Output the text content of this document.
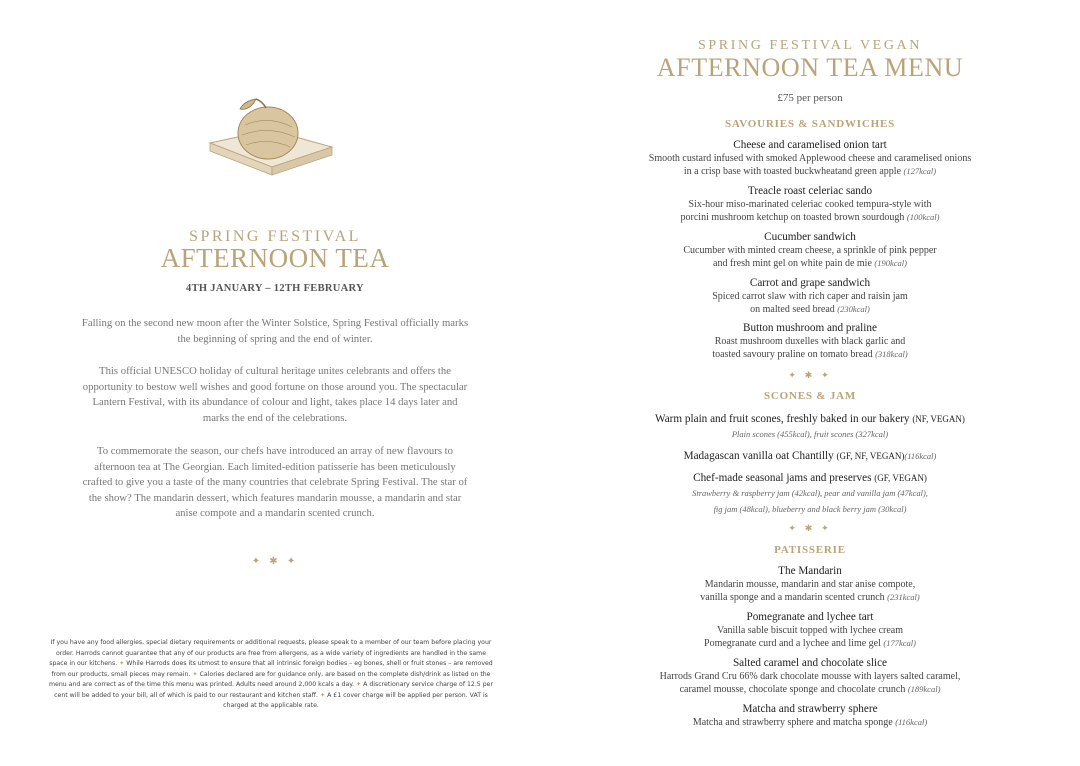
SPRING FESTIVAL
AFTERNOON TEA
4TH JANUARY – 12TH FEBRUARY

Falling on the second new moon after the Winter Solstice, Spring Festival officially marks the beginning of spring and the end of winter.

This official UNESCO holiday of cultural heritage unites celebrants and offers the opportunity to bestow well wishes and good fortune on those around you. The spectacular Lantern Festival, with its abundance of colour and light, takes place 14 days later and marks the end of the celebrations.

To commemorate the season, our chefs have introduced an array of new flavours to afternoon tea at The Georgian. Each limited-edition patisserie has been meticulously crafted to give you a taste of the many countries that celebrate Spring Festival. The star of the show? The mandarin dessert, which features mandarin mousse, a mandarin and star anise compote and a mandarin scented crunch.

✦ ✱ ✦
If you have any food allergies, special dietary requirements or additional requests, please speak to a member of our team before placing your order. Harrods cannot guarantee that any of our products are free from allergens, as a wide variety of ingredients are handled in the same space in our kitchens. ✦ While Harrods does its utmost to ensure that all intrinsic foreign bodies – eg bones, shell or fruit stones – are removed from our products, small pieces may remain. ✦ Calories declared are for guidance only, are based on the complete dish/drink as listed on the menu and are correct as of the time this menu was printed. Adults need around 2,000 kcals a day. ✦ A discretionary service charge of 12.5 per cent will be added to your bill, all of which is paid to our restaurant and kitchen staff. ✦ A £1 cover charge will be applied per person. VAT is charged at the applicable rate.
SPRING FESTIVAL VEGAN
AFTERNOON TEA MENU
£75 per person
SAVOURIES & SANDWICHES
Cheese and caramelised onion tart
Smooth custard infused with smoked Applewood cheese and caramelised onions
in a crisp base with toasted buckwheatand green apple (127kcal)
Treacle roast celeriac sando
Six-hour miso-marinated celeriac cooked tempura-style with
porcini mushroom ketchup on toasted brown sourdough (100kcal)
Cucumber sandwich
Cucumber with minted cream cheese, a sprinkle of pink pepper
and fresh mint gel on white pain de mie (190kcal)
Carrot and grape sandwich
Spiced carrot slaw with rich caper and raisin jam
on malted seed bread (230kcal)
Button mushroom and praline
Roast mushroom duxelles with black garlic and
toasted savoury praline on tomato bread (318kcal)
✦ ✱ ✦
SCONES & JAM
Warm plain and fruit scones, freshly baked in our bakery (NF, VEGAN)
Plain scones (455kcal), fruit scones (327kcal)
Madagascan vanilla oat Chantilly (GF, NF, VEGAN)(116kcal)
Chef-made seasonal jams and preserves (GF, VEGAN)
Strawberry & raspberry jam (42kcal), pear and vanilla jam (47kcal),
fig jam (48kcal), blueberry and black berry jam (30kcal)
✦ ✱ ✦
PATISSERIE
The Mandarin
Mandarin mousse, mandarin and star anise compote,
vanilla sponge and a mandarin scented crunch (231kcal)
Pomegranate and lychee tart
Vanilla sable biscuit topped with lychee cream
Pomegranate curd and a lychee and lime gel (177kcal)
Salted caramel and chocolate slice
Harrods Grand Cru 66% dark chocolate mousse with layers salted caramel,
caramel mousse, chocolate sponge and chocolate crunch (189kcal)
Matcha and strawberry sphere
Matcha and strawberry sphere and matcha sponge (116kcal)
